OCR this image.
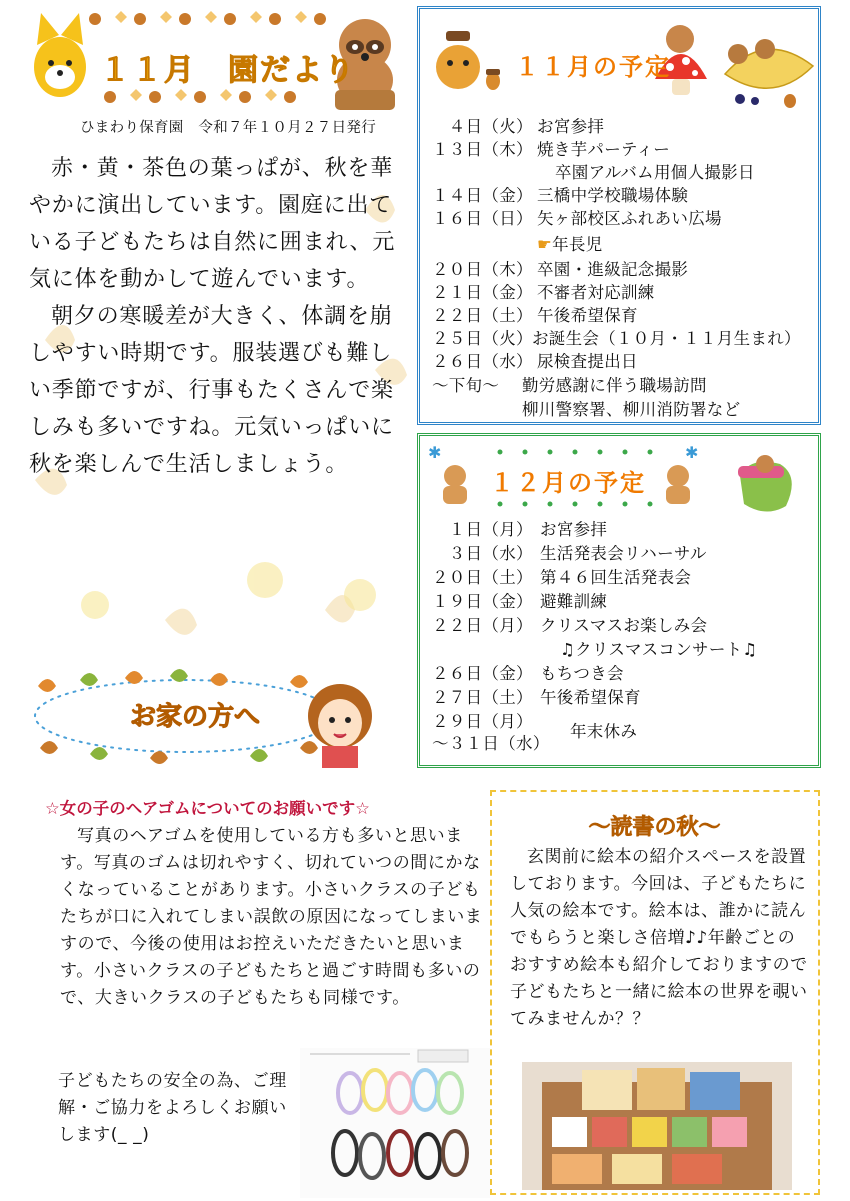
１１月　園だより
ひまわり保育園　令和７年１０月２７日発行

赤・黄・茶色の葉っぱが、秋を華やかに演出しています。園庭に出ている子どもたちは自然に囲まれ、元気に体を動かして遊んでいます。

朝夕の寒暖差が大きく、体調を崩しやすい時期です。服装選びも難しい季節ですが、行事もたくさんで楽しみも多いですね。元気いっぱいに秋を楽しんで生活しましょう。

お家の方へ
１１月の予定
　４日（火） お宮参拝
１３日（木） 焼き芋パーティー
卒園アルバム用個人撮影日
１４日（金） 三橋中学校職場体験
１６日（日） 矢ヶ部校区ふれあい広場
☛年長児
２０日（木） 卒園・進級記念撮影
２１日（金） 不審者対応訓練
２２日（土） 午後希望保育
２５日（火）お誕生会（１０月・１１月生まれ）
２６日（水） 尿検査提出日
～下旬～ 勤労感謝に伴う職場訪問
柳川警察署、柳川消防署など
✱	✱
１２月の予定
　１日（月） お宮参拝
　３日（水） 生活発表会リハーサル
２０日（土） 第４６回生活発表会
１９日（金） 避難訓練
２２日（月） クリスマスお楽しみ会
♫クリスマスコンサート♫
２６日（金） もちつき会
２７日（土） 午後希望保育
２９日（月）
～３１日（水）
年末休み
☆女の子のヘアゴムについてのお願いです☆
写真のヘアゴムを使用している方も多いと思います。写真のゴムは切れやすく、切れていつの間にかなくなっていることがあります。小さいクラスの子どもたちが口に入れてしまい誤飲の原因になってしまいますので、今後の使用はお控えいただきたいと思います。小さいクラスの子どもたちと過ごす時間も多いので、大きいクラスの子どもたちも同様です。
子どもたちの安全の為、ご理解・ご協力をよろしくお願いします(_ _)
～読書の秋～
玄関前に絵本の紹介スペースを設置しております。今回は、子どもたちに人気の絵本です。絵本は、誰かに読んでもらうと楽しさ倍増♪♪年齢ごとのおすすめ絵本も紹介しておりますので子どもたちと一緒に絵本の世界を覗いてみませんか？？
